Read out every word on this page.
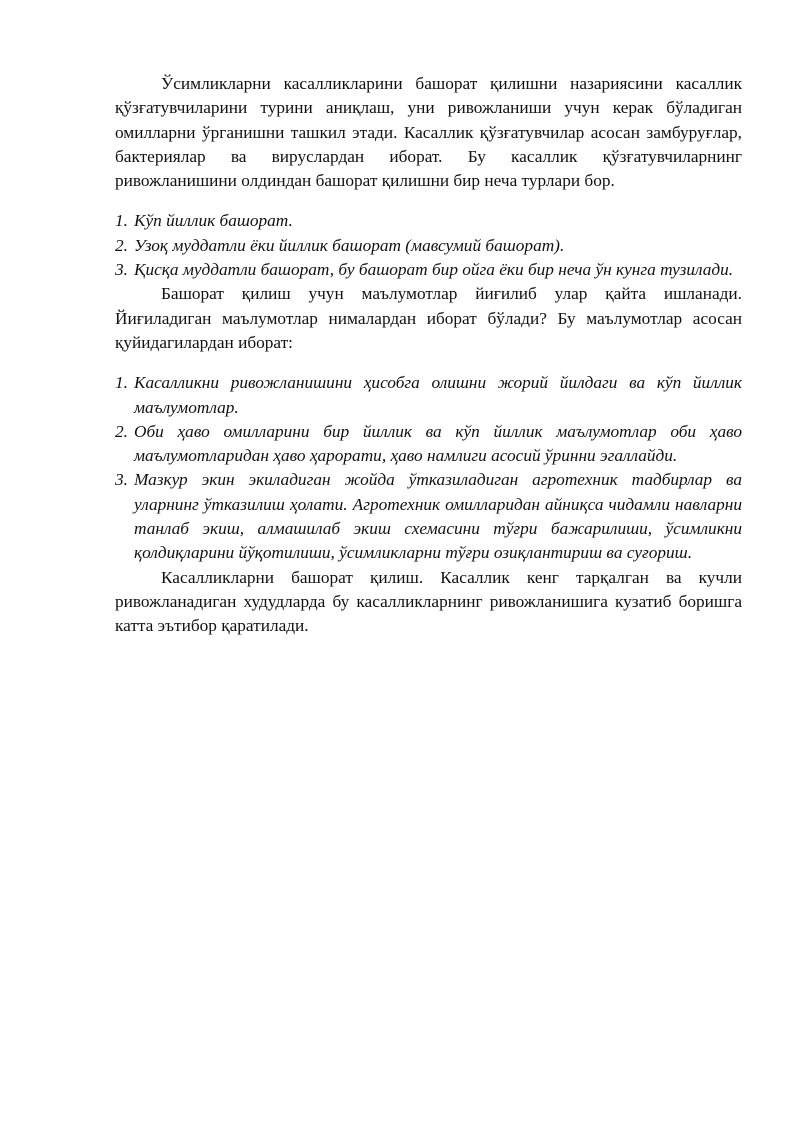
Ўсимликларни касалликларини башорат қилишни назариясини касаллик қўзғатувчиларини турини аниқлаш, уни ривожланиши учун керак бўладиган омилларни ўрганишни ташкил этади. Касаллик қўзғатувчилар асосан замбуруғлар, бактериялар ва вируслардан иборат. Бу касаллик қўзғатувчиларнинг ривожланишини олдиндан башорат қилишни бир неча турлари бор.

1. Кўп йиллик башорат.
2. Узоқ муддатли ёки йиллик башорат (мавсумий башорат).
3. Қисқа муддатли башорат, бу башорат бир ойга ёки бир неча ўн кунга тузилади.

Башорат қилиш учун маълумотлар йиғилиб улар қайта ишланади. Йиғиладиган маълумотлар нималардан иборат бўлади? Бу маълумотлар асосан қуйидагилардан иборат:

1. Касалликни ривожланишини ҳисобга олишни жорий йилдаги ва кўп йиллик маълумотлар.
2. Оби ҳаво омилларини бир йиллик ва кўп йиллик маълумотлар оби ҳаво маълумотларидан ҳаво ҳарорати, ҳаво намлиги асосий ўринни эгаллайди.
3. Мазкур экин экиладиган жойда ўтказиладиган агротехник тадбирлар ва уларнинг ўтказилиш ҳолати. Агротехник омилларидан айниқса чидамли навларни танлаб экиш, алмашилаб экиш схемасини тўғри бажарилиши, ўсимликни қолдиқларини йўқотилиши, ўсимликларни тўғри озиқлантириш ва суғориш.

Касалликларни башорат қилиш. Касаллик кенг тарқалган ва кучли ривожланадиган худудларда бу касалликларнинг ривожланишига кузатиб боришга катта эътибор қаратилади.
